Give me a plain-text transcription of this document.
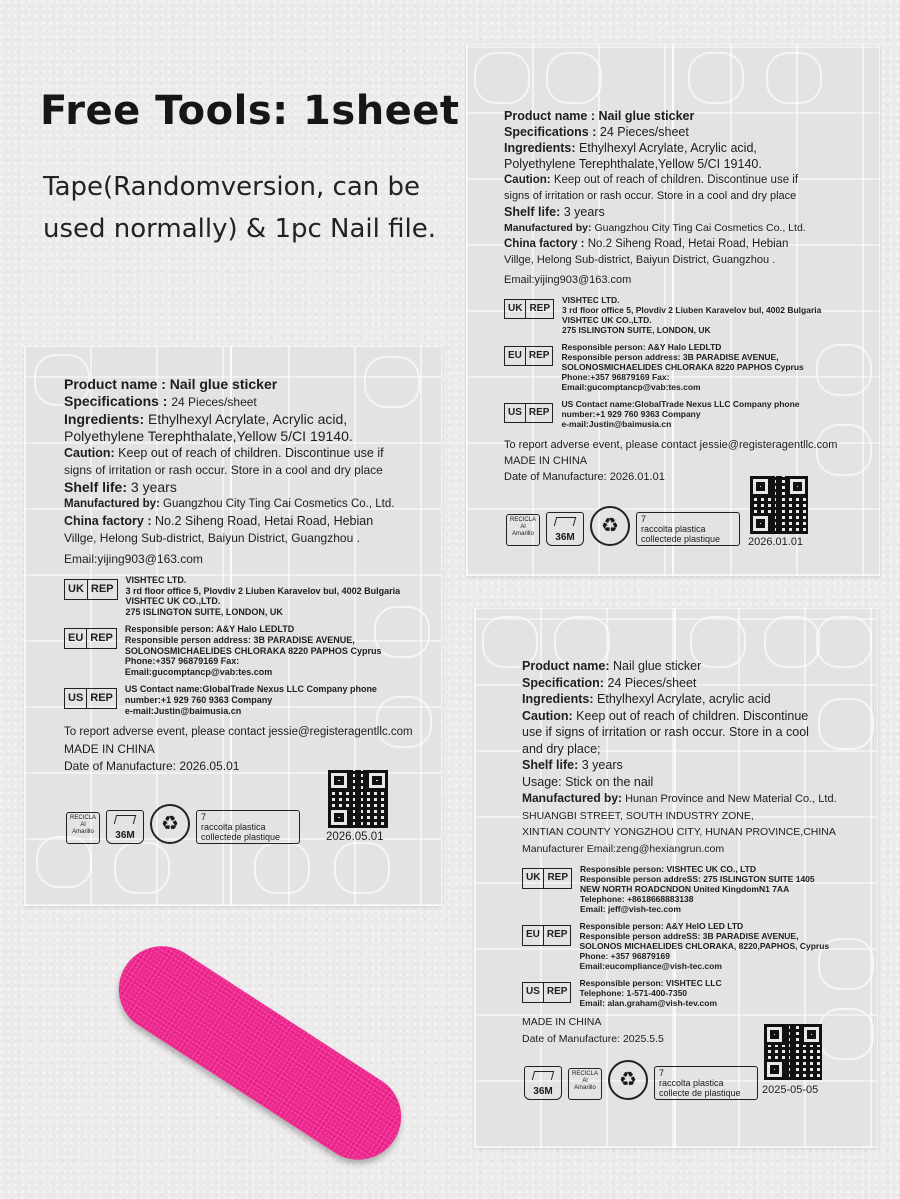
Free Tools: 1sheet

Tape(Randomversion, can be used normally) & 1pc Nail file.

Product name : Nail glue sticker
Specifications : 24 Pieces/sheet
Ingredients: Ethylhexyl Acrylate, Acrylic acid,
Polyethylene Terephthalate,Yellow 5/CI 19140.
Caution: Keep out of reach of children. Discontinue use if
signs of irritation or rash occur. Store in a cool and dry place
Shelf life: 3 years
Manufactured by: Guangzhou City Ting Cai Cosmetics Co., Ltd.
China factory : No.2 Siheng Road, Hetai Road, Hebian
Villge, Helong Sub-district, Baiyun District, Guangzhou .
Email:yijing903@163.com
UK REP
VISHTEC LTD.
3 rd floor office 5, Plovdiv 2 Liuben Karavelov bul, 4002 Bulgaria
VISHTEC UK CO.,LTD.
275 ISLINGTON SUITE, LONDON, UK
EU REP
Responsible person: A&Y Halo LEDLTD
Responsible person address: 3B PARADISE AVENUE,
SOLONOSMICHAELIDES CHLORAKA 8220 PAPHOS Cyprus
Phone:+357 96879169 Fax:
Email:gucomptancp@vab:tes.com
US REP
US Contact name:GlobalTrade Nexus LLC Company phone
number:+1 929 760 9363 Company
e-mail:Justin@baimusia.cn
To report adverse event, please contact jessie@registeragentllc.com
MADE IN CHINA
Date of Manufacture: 2026.01.01
2026.01.01
RECICLA Al Amarillo	36M
♻	7
raccolta plastica
collectede plastique
Product name : Nail glue sticker
Specifications : 24 Pieces/sheet
Ingredients: Ethylhexyl Acrylate, Acrylic acid,
Polyethylene Terephthalate,Yellow 5/CI 19140.
Caution: Keep out of reach of children. Discontinue use if
signs of irritation or rash occur. Store in a cool and dry place
Shelf life: 3 years
Manufactured by: Guangzhou City Ting Cai Cosmetics Co., Ltd.
China factory : No.2 Siheng Road, Hetai Road, Hebian
Villge, Helong Sub-district, Baiyun District, Guangzhou .
Email:yijing903@163.com
UK REP
VISHTEC LTD.
3 rd floor office 5, Plovdiv 2 Liuben Karavelov bul, 4002 Bulgaria
VISHTEC UK CO.,LTD.
275 ISLINGTON SUITE, LONDON, UK
EU REP
Responsible person: A&Y Halo LEDLTD
Responsible person address: 3B PARADISE AVENUE,
SOLONOSMICHAELIDES CHLORAKA 8220 PAPHOS Cyprus
Phone:+357 96879169 Fax:
Email:gucomptancp@vab:tes.com
US REP
US Contact name:GlobalTrade Nexus LLC Company phone
number:+1 929 760 9363 Company
e-mail:Justin@baimusia.cn
To report adverse event, please contact jessie@registeragentllc.com
MADE IN CHINA
Date of Manufacture: 2026.05.01
2026.05.01
RECICLA Al Amarillo	36M
♻	7
raccolta plastica
collectede plastique
Product name: Nail glue sticker
Specification: 24 Pieces/sheet
Ingredients: Ethylhexyl Acrylate, acrylic acid
Caution: Keep out of reach of children. Discontinue
use if signs of irritation or rash occur. Store in a cool
and dry place;
Shelf life: 3 years
Usage: Stick on the nail
Manufactured by: Hunan Province and New Material Co., Ltd.
SHUANGBI STREET, SOUTH INDUSTRY ZONE,
XINTIAN COUNTY YONGZHOU CITY, HUNAN PROVINCE,CHINA
Manufacturer Email:zeng@hexiangrun.com
UK REP
Responsible person: VISHTEC UK CO., LTD
Responsible person addreSS: 275 ISLINGTON SUITE 1405
NEW NORTH ROADCNDON United KingdomN1 7AA
Telephone: +8618668883138
Email: jeff@vish-tec.com
EU REP
Responsible person: A&Y HelO LED LTD
Responsible person addreSS: 3B PARADISE AVENUE,
SOLONOS MICHAELIDES CHLORAKA, 8220,PAPHOS, Cyprus
Phone: +357 96879169
Email:eucompliance@vish-tec.com
US REP
Responsible person: VISHTEC LLC
Telephone: 1-571-400-7350
Email: alan.graham@vish-tev.com
MADE IN CHINA
Date of Manufacture: 2025.5.5
2025-05-05
36M
RECICLA Al Amarillo	♻	7
raccolta plastica
collecte de plastique
